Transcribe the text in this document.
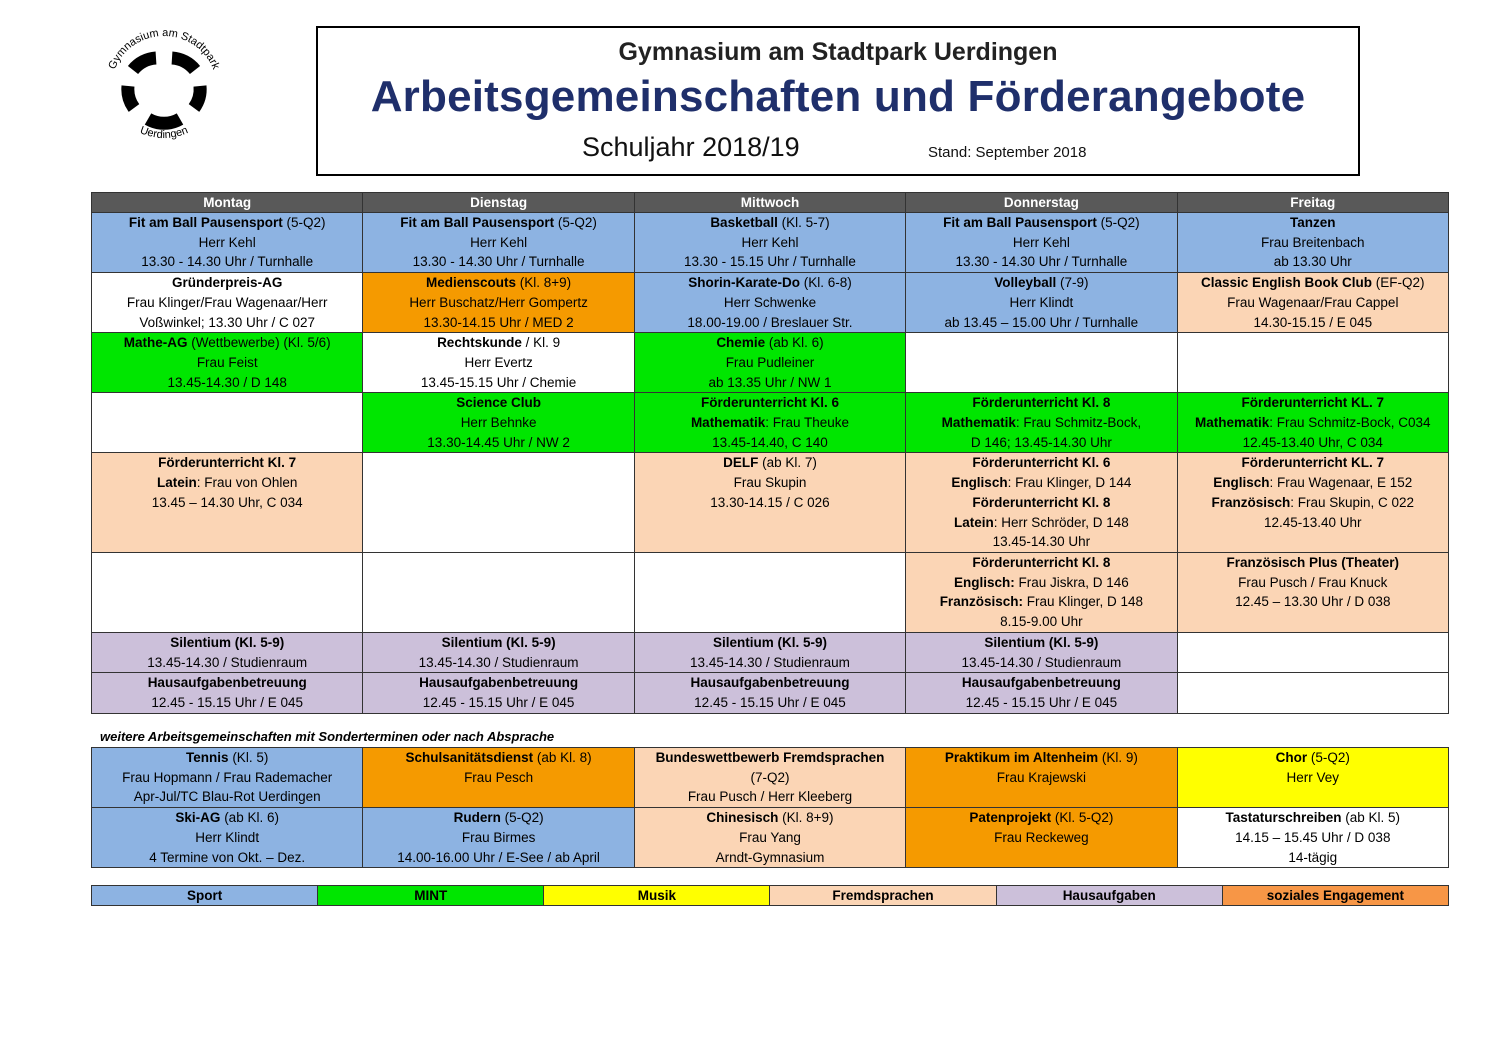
Gymnasium am Stadtpark
Uerdingen
Gymnasium am Stadtpark Uerdingen
Arbeitsgemeinschaften und Förderangebote
Schuljahr 2018/19	Stand: September 2018
Montag	Dienstag	Mittwoch	Donnerstag	Freitag
Fit am Ball Pausensport (5-Q2)
Herr Kehl
13.30 - 14.30 Uhr / Turnhalle	Fit am Ball Pausensport (5-Q2)
Herr Kehl
13.30 - 14.30 Uhr / Turnhalle	Basketball (Kl. 5-7)
Herr Kehl
13.30 - 15.15 Uhr / Turnhalle	Fit am Ball Pausensport (5-Q2)
Herr Kehl
13.30 - 14.30 Uhr / Turnhalle	Tanzen
Frau Breitenbach
ab 13.30 Uhr
Gründerpreis-AG
Frau Klinger/Frau Wagenaar/Herr
Voßwinkel; 13.30 Uhr / C 027	Medienscouts (Kl. 8+9)
Herr Buschatz/Herr Gompertz
13.30-14.15 Uhr / MED 2	Shorin-Karate-Do (Kl. 6-8)
Herr Schwenke
18.00-19.00 / Breslauer Str.	Volleyball (7-9)
Herr Klindt
ab 13.45 – 15.00 Uhr / Turnhalle	Classic English Book Club (EF-Q2)
Frau Wagenaar/Frau Cappel
14.30-15.15 / E 045
Mathe-AG (Wettbewerbe) (Kl. 5/6)
Frau Feist
13.45-14.30 / D 148	Rechtskunde / Kl. 9
Herr Evertz
13.45-15.15 Uhr / Chemie	Chemie (ab Kl. 6)
Frau Pudleiner
ab 13.35 Uhr / NW 1		
	Science Club
Herr Behnke
13.30-14.45 Uhr / NW 2	Förderunterricht Kl. 6
Mathematik: Frau Theuke
13.45-14.40, C 140	Förderunterricht Kl. 8
Mathematik: Frau Schmitz-Bock,
D 146; 13.45-14.30 Uhr	Förderunterricht KL. 7
Mathematik: Frau Schmitz-Bock, C034
12.45-13.40 Uhr, C 034
Förderunterricht Kl. 7
Latein: Frau von Ohlen
13.45 – 14.30 Uhr, C 034		DELF (ab Kl. 7)
Frau Skupin
13.30-14.15 / C 026	Förderunterricht Kl. 6
Englisch: Frau Klinger, D 144
Förderunterricht Kl. 8
Latein: Herr Schröder, D 148
13.45-14.30 Uhr	Förderunterricht KL. 7
Englisch: Frau Wagenaar, E 152
Französisch: Frau Skupin, C 022
12.45-13.40 Uhr
			Förderunterricht Kl. 8
Englisch: Frau Jiskra, D 146
Französisch: Frau Klinger, D 148
8.15-9.00 Uhr	Französisch Plus (Theater)
Frau Pusch / Frau Knuck
12.45 – 13.30 Uhr / D 038
Silentium (Kl. 5-9)
13.45-14.30 / Studienraum	Silentium (Kl. 5-9)
13.45-14.30 / Studienraum	Silentium (Kl. 5-9)
13.45-14.30 / Studienraum	Silentium (Kl. 5-9)
13.45-14.30 / Studienraum	
Hausaufgabenbetreuung
12.45 - 15.15 Uhr / E 045	Hausaufgabenbetreuung
12.45 - 15.15 Uhr / E 045	Hausaufgabenbetreuung
12.45 - 15.15 Uhr / E 045	Hausaufgabenbetreuung
12.45 - 15.15 Uhr / E 045	
weitere Arbeitsgemeinschaften mit Sonderterminen oder nach Absprache
Tennis (Kl. 5)
Frau Hopmann / Frau Rademacher
Apr-Jul/TC Blau-Rot Uerdingen	Schulsanitätsdienst (ab Kl. 8)
Frau Pesch	Bundeswettbewerb Fremdsprachen
(7-Q2)
Frau Pusch / Herr Kleeberg	Praktikum im Altenheim (Kl. 9)
Frau Krajewski	Chor (5-Q2)
Herr Vey

Ski-AG (ab Kl. 6)
Herr Klindt
4 Termine von Okt. – Dez.	Rudern (5-Q2)
Frau Birmes
14.00-16.00 Uhr / E-See / ab April	Chinesisch (Kl. 8+9)
Frau Yang
Arndt-Gymnasium	Patenprojekt (Kl. 5-Q2)
Frau Reckeweg	Tastaturschreiben (ab Kl. 5)
14.15 – 15.45 Uhr / D 038
14-tägig
Sport	MINT	Musik	Fremdsprachen	Hausaufgaben	soziales Engagement
